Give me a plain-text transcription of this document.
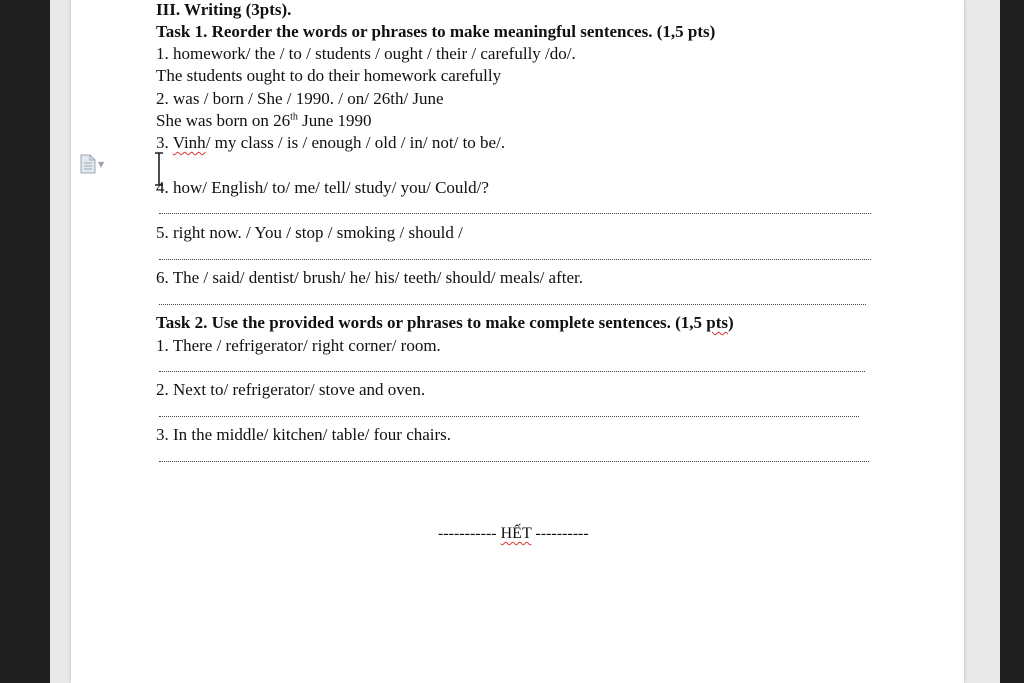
▼
III. Writing (3pts).
Task 1. Reorder the words or phrases to make meaningful sentences. (1,5 pts)
1. homework/ the / to / students / ought / their / carefully /do/.
The students ought to do their homework carefully
2. was / born / She / 1990. / on/ 26th/ June
She was born on 26th June 1990
3. Vinh/ my class / is / enough / old / in/ not/ to be/.
4. how/ English/ to/ me/ tell/ study/ you/ Could/?
5. right now. / You / stop / smoking / should /
6. The / said/ dentist/ brush/ he/ his/ teeth/ should/ meals/ after.
Task 2. Use the provided words or phrases to make complete sentences. (1,5 pts)
1. There / refrigerator/ right corner/ room.
2. Next to/ refrigerator/ stove and oven.
3. In the middle/ kitchen/ table/ four chairs.
----------- HẾT ----------
